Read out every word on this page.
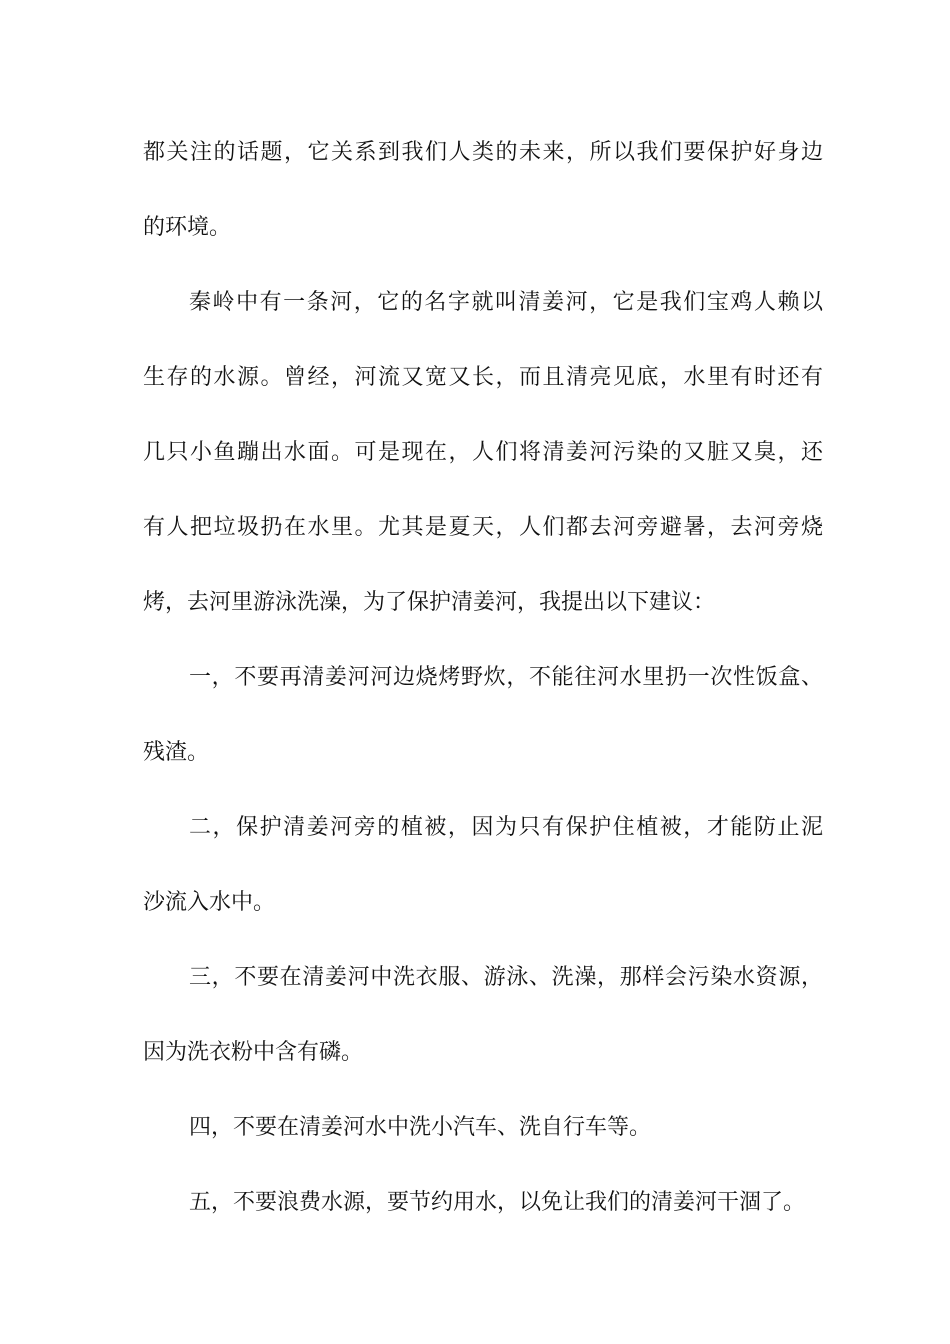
都关注的话题，它关系到我们人类的未来，所以我们要保护好身边

的环境。

秦岭中有一条河，它的名字就叫清姜河，它是我们宝鸡人赖以

生存的水源。曾经，河流又宽又长，而且清亮见底，水里有时还有

几只小鱼蹦出水面。可是现在，人们将清姜河污染的又脏又臭，还

有人把垃圾扔在水里。尤其是夏天，人们都去河旁避暑，去河旁烧

烤，去河里游泳洗澡，为了保护清姜河，我提出以下建议：

一，不要再清姜河河边烧烤野炊，不能往河水里扔一次性饭盒、

残渣。

二，保护清姜河旁的植被，因为只有保护住植被，才能防止泥

沙流入水中。

三，不要在清姜河中洗衣服、游泳、洗澡，那样会污染水资源，

因为洗衣粉中含有磷。

四，不要在清姜河水中洗小汽车、洗自行车等。

五，不要浪费水源，要节约用水，以免让我们的清姜河干涸了。
